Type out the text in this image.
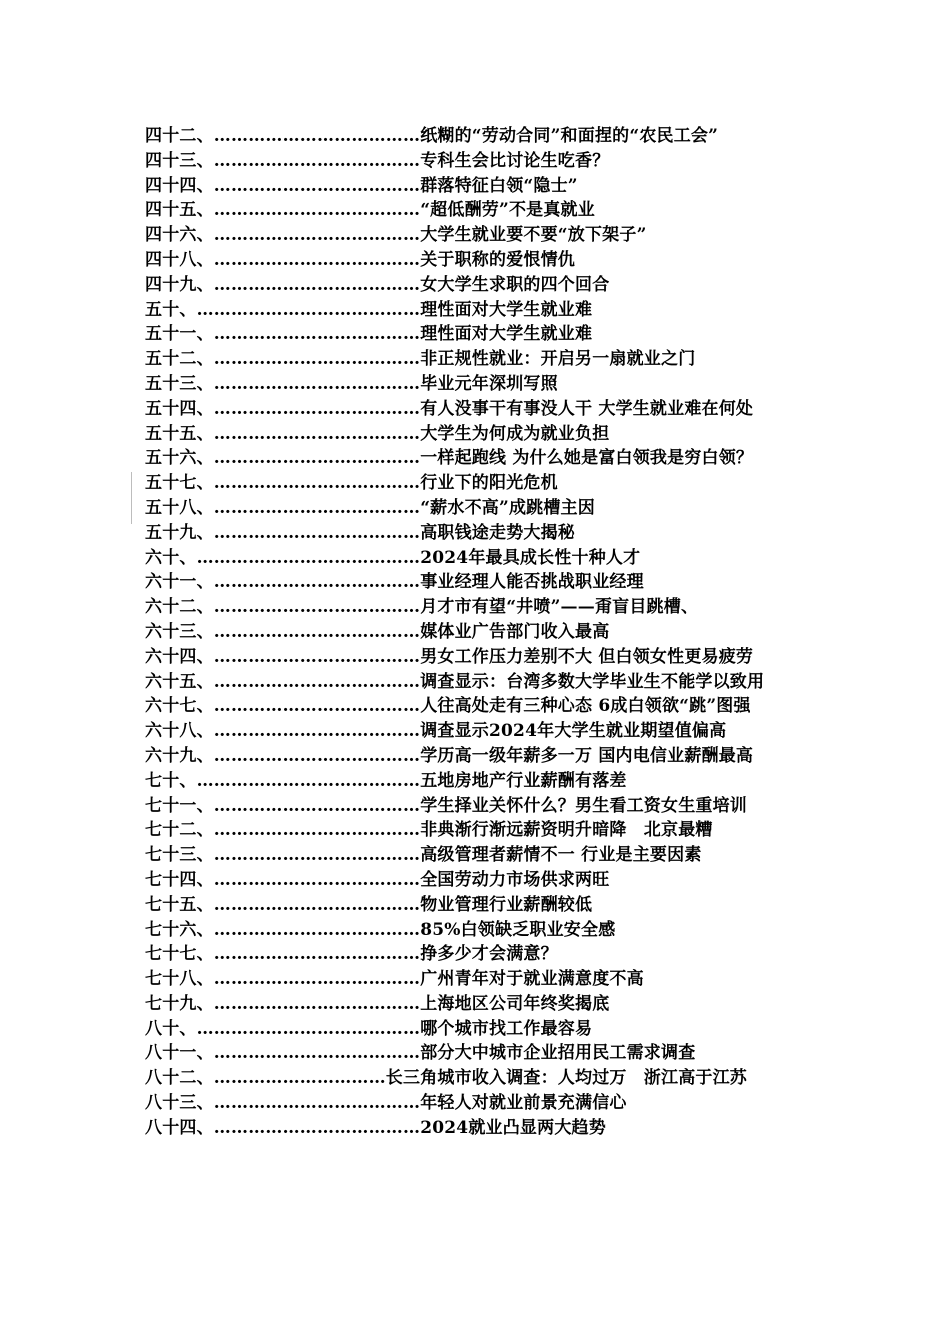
四十二、………………………………纸糊的“劳动合同”和面捏的“农民工会”
四十三、………………………………专科生会比讨论生吃香？
四十四、………………………………群落特征白领“隐士”
四十五、………………………………“超低酬劳”不是真就业
四十六、………………………………大学生就业要不要“放下架子”
四十八、………………………………关于职称的爱恨情仇
四十九、………………………………女大学生求职的四个回合
五十、…………………………………理性面对大学生就业难
五十一、………………………………理性面对大学生就业难
五十二、………………………………非正规性就业：开启另一扇就业之门
五十三、………………………………毕业元年深圳写照
五十四、………………………………有人没事干有事没人干 大学生就业难在何处
五十五、………………………………大学生为何成为就业负担
五十六、………………………………一样起跑线 为什么她是富白领我是穷白领？
五十七、………………………………行业下的阳光危机
五十八、………………………………“薪水不高”成跳槽主因
五十九、………………………………高职钱途走势大揭秘
六十、…………………………………2024年最具成长性十种人才
六十一、………………………………事业经理人能否挑战职业经理
六十二、………………………………月才市有望“井喷”——甭盲目跳槽、
六十三、………………………………媒体业广告部门收入最高
六十四、………………………………男女工作压力差别不大 但白领女性更易疲劳
六十五、………………………………调查显示：台湾多数大学毕业生不能学以致用
六十七、………………………………人往高处走有三种心态 6成白领欲“跳”图强
六十八、………………………………调查显示2024年大学生就业期望值偏高
六十九、………………………………学历高一级年薪多一万 国内电信业薪酬最高
七十、…………………………………五地房地产行业薪酬有落差
七十一、………………………………学生择业关怀什么？男生看工资女生重培训
七十二、………………………………非典渐行渐远薪资明升暗降　北京最糟
七十三、………………………………高级管理者薪情不一 行业是主要因素
七十四、………………………………全国劳动力市场供求两旺
七十五、………………………………物业管理行业薪酬较低
七十六、………………………………85%白领缺乏职业安全感
七十七、………………………………挣多少才会满意？
七十八、………………………………广州青年对于就业满意度不高
七十九、………………………………上海地区公司年终奖揭底
八十、…………………………………哪个城市找工作最容易
八十一、………………………………部分大中城市企业招用民工需求调查
八十二、…………………………长三角城市收入调查：人均过万　浙江高于江苏
八十三、………………………………年轻人对就业前景充满信心
八十四、………………………………2024就业凸显两大趋势
